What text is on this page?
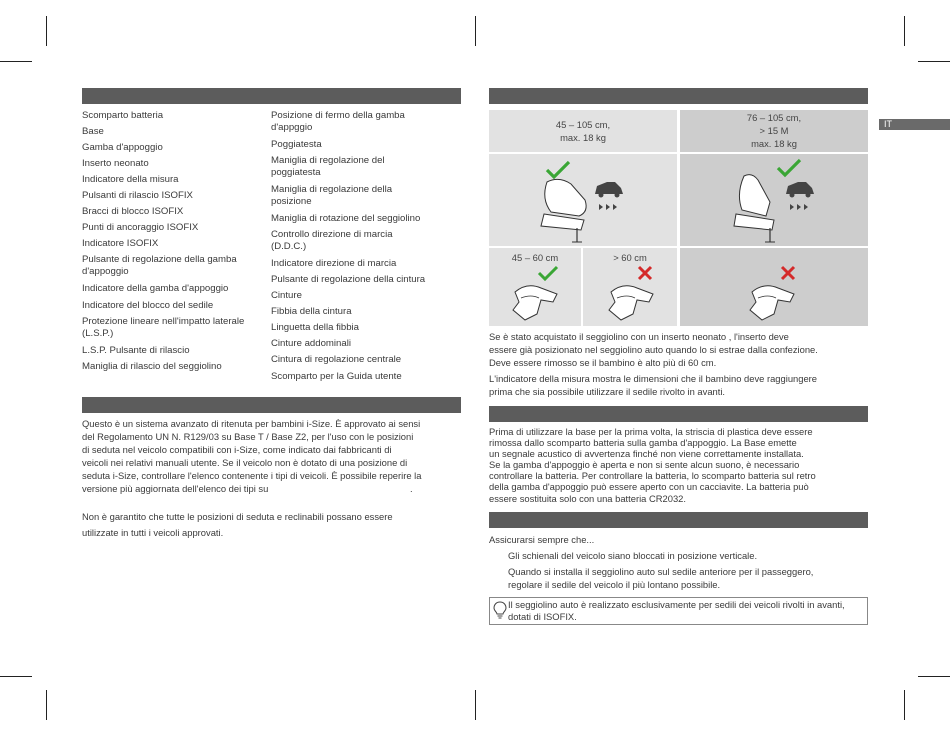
IT
Scomparto batteria
Base
Gamba d'appoggio
Inserto neonato
Indicatore della misura
Pulsanti di rilascio ISOFIX
Bracci di blocco ISOFIX
Punti di ancoraggio ISOFIX
Indicatore ISOFIX
Pulsante di regolazione della gamba
d'appoggio
Indicatore della gamba d'appoggio
Indicatore del blocco del sedile
Protezione lineare nell'impatto laterale
(L.S.P.)
L.S.P. Pulsante di rilascio
Maniglia di rilascio del seggiolino
Posizione di fermo della gamba
d'appggio
Poggiatesta
Maniglia di regolazione del
poggiatesta
Maniglia di regolazione della
posizione
Maniglia di rotazione del seggiolino
Controllo direzione di marcia
(D.D.C.)
Indicatore direzione di marcia
Pulsante di regolazione della cintura
Cinture
Fibbia della cintura
Linguetta della fibbia
Cinture addominali
Cintura di regolazione centrale
Scomparto per la Guida utente
Questo è un sistema avanzato di ritenuta per bambini i-Size. È approvato ai sensi
del Regolamento UN N. R129/03 su Base T / Base Z2, per l'uso con le posizioni
di seduta nel veicolo compatibili con i-Size, come indicato dai fabbricanti di
veicoli nei relativi manuali utente. Se il veicolo non è dotato di una posizione di
seduta i-Size, controllare l'elenco contenente i tipi di veicoli. È possibile reperire la
versione più aggiornata dell'elenco dei tipi su	.
Non è garantito che tutte le posizioni di seduta e reclinabili possano essere
utilizzate in tutti i veicoli approvati.
45 – 105 cm,
max. 18 kg
76 – 105 cm,
> 15 M
max. 18 kg
45 – 60 cm	> 60 cm
Se è stato acquistato il seggiolino con un inserto neonato , l'inserto deve
essere già posizionato nel seggiolino auto quando lo si estrae dalla confezione.
Deve essere rimosso se il bambino è alto più di 60 cm.
L'indicatore della misura mostra le dimensioni che il bambino deve raggiungere
prima che sia possibile utilizzare il sedile rivolto in avanti.
Prima di utilizzare la base per la prima volta, la striscia di plastica deve essere
rimossa dallo scomparto batteria sulla gamba d'appoggio. La Base emette
un segnale acustico di avvertenza finché non viene correttamente installata.
Se la gamba d'appoggio è aperta e non si sente alcun suono, è necessario
controllare la batteria. Per controllare la batteria, lo scomparto batteria sul retro
della gamba d'appoggio può essere aperto con un cacciavite. La batteria può
essere sostituita solo con una batteria CR2032.
Assicurarsi sempre che...
Gli schienali del veicolo siano bloccati in posizione verticale.
Quando si installa il seggiolino auto sul sedile anteriore per il passeggero,
regolare il sedile del veicolo il più lontano possibile.
Il seggiolino auto è realizzato esclusivamente per sedili dei veicoli rivolti in avanti,
dotati di ISOFIX.
